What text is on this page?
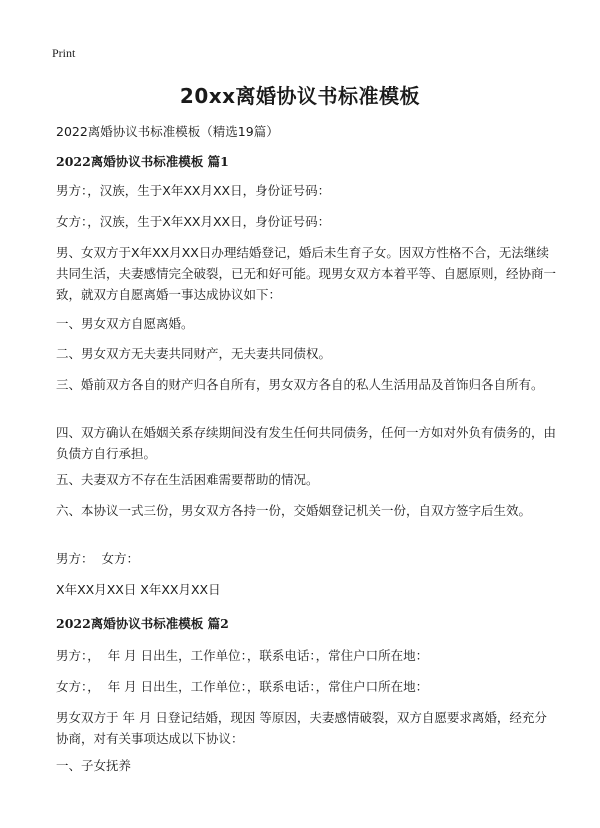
Print
20xx离婚协议书标准模板
2022离婚协议书标准模板（精选19篇）
2022离婚协议书标准模板 篇1
男方：，汉族，生于X年XX月XX日，身份证号码：
女方：，汉族，生于X年XX月XX日，身份证号码：
男、女双方于X年XX月XX日办理结婚登记，婚后未生育子女。因双方性格不合，无法继续共同生活，夫妻感情完全破裂，已无和好可能。现男女双方本着平等、自愿原则，经协商一致，就双方自愿离婚一事达成协议如下：
一、男女双方自愿离婚。
二、男女双方无夫妻共同财产，无夫妻共同债权。
三、婚前双方各自的财产归各自所有，男女双方各自的私人生活用品及首饰归各自所有。
四、双方确认在婚姻关系存续期间没有发生任何共同债务，任何一方如对外负有债务的，由负债方自行承担。
五、夫妻双方不存在生活困难需要帮助的情况。
六、本协议一式三份，男女双方各持一份，交婚姻登记机关一份，自双方签字后生效。
男方：  女方：
X年XX月XX日 X年XX月XX日
2022离婚协议书标准模板 篇2
男方：，  年 月 日出生，工作单位：，联系电话：，常住户口所在地：
女方：，  年 月 日出生，工作单位：，联系电话：，常住户口所在地：
男女双方于 年 月 日登记结婚，现因 等原因，夫妻感情破裂，双方自愿要求离婚，经充分协商，对有关事项达成以下协议：
一、子女抚养
